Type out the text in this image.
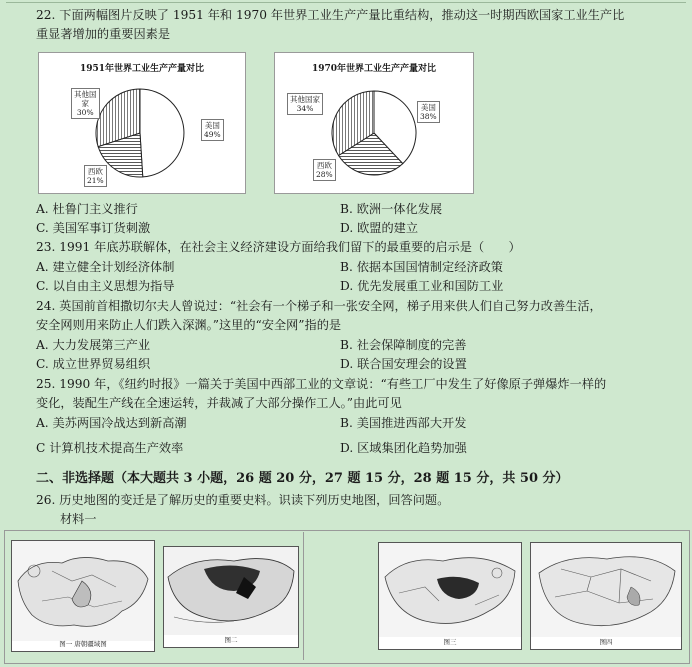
22. 下面两幅图片反映了 1951 年和 1970 年世界工业生产产量比重结构，推动这一时期西欧国家工业生产比
重显著增加的重要因素是
1951年世界工业生产产量对比
其他国
家
30%
美国
49%
西欧
21%
1970年世界工业生产产量对比
其他国家
34%	美国
38%
西欧
28%
A. 杜鲁门主义推行	B. 欧洲一体化发展
C. 美国军事订货刺激	D. 欧盟的建立
23. 1991 年底苏联解体，在社会主义经济建设方面给我们留下的最重要的启示是（　　）
A. 建立健全计划经济体制	B. 依据本国国情制定经济政策
C. 以自由主义思想为指导	D. 优先发展重工业和国防工业
24. 英国前首相撒切尔夫人曾说过：“社会有一个梯子和一张安全网，梯子用来供人们自己努力改善生活，
安全网则用来防止人们跌入深渊。”这里的“安全网”指的是
A. 大力发展第三产业	B. 社会保障制度的完善
C. 成立世界贸易组织	D. 联合国安理会的设置
25. 1990 年，《纽约时报》一篇关于美国中西部工业的文章说：“有些工厂中发生了好像原子弹爆炸一样的
变化，装配生产线在全速运转，并裁减了大部分操作工人。”由此可见
A. 美苏两国冷战达到新高潮	B. 美国推进西部大开发
C 计算机技术提高生产效率	D. 区域集团化趋势加强
二、非选择题（本大题共 3 小题，26 题 20 分，27 题 15 分，28 题 15 分，共 50 分）
26. 历史地图的变迁是了解历史的重要史料。识读下列历史地图，回答问题。
材料一
图一 唐朝疆域图	图二	图三	图四
